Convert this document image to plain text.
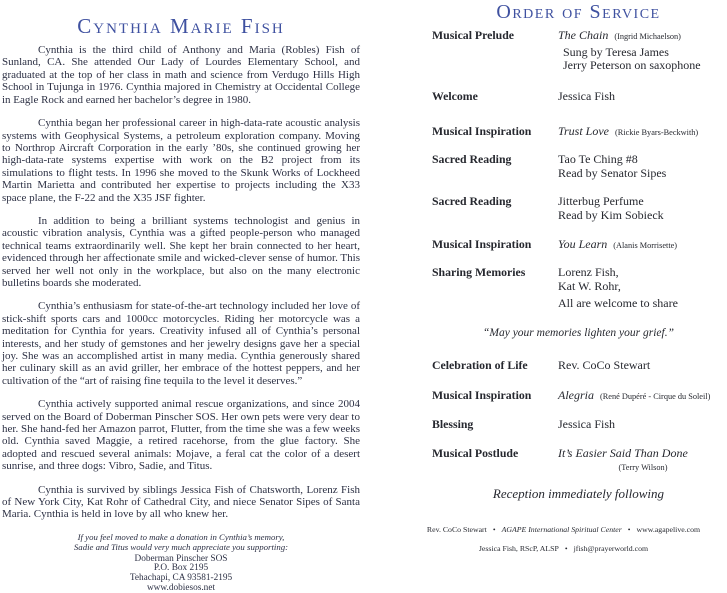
Cynthia Marie Fish

Cynthia is the third child of Anthony and Maria (Robles) Fish of Sunland, CA. She attended Our Lady of Lourdes Elementary School, and graduated at the top of her class in math and science from Verdugo Hills High School in Tujunga in 1976. Cynthia majored in Chemistry at Occidental College in Eagle Rock and earned her bachelor’s degree in 1980.

Cynthia began her professional career in high-data-rate acoustic analysis systems with Geophysical Systems, a petroleum exploration company. Moving to Northrop Aircraft Corporation in the early ’80s, she continued growing her high-data-rate systems expertise with work on the B2 project from its simulations to flight tests. In 1996 she moved to the Skunk Works of Lockheed Martin Marietta and contributed her expertise to projects including the X33 space plane, the F-22 and the X35 JSF fighter.

In addition to being a brilliant systems technologist and genius in acoustic vibration analysis, Cynthia was a gifted people-person who managed technical teams extraordinarily well. She kept her brain connected to her heart, evidenced through her affectionate smile and wicked-clever sense of humor. This served her well not only in the workplace, but also on the many electronic bulletins boards she moderated.

Cynthia’s enthusiasm for state-of-the-art technology included her love of stick-shift sports cars and 1000cc motorcycles. Riding her motorcycle was a meditation for Cynthia for years. Creativity infused all of Cynthia’s personal interests, and her study of gemstones and her jewelry designs gave her a special joy. She was an accomplished artist in many media. Cynthia generously shared her culinary skill as an avid griller, her embrace of the hottest peppers, and her cultivation of the “art of raising fine tequila to the level it deserves.”

Cynthia actively supported animal rescue organizations, and since 2004 served on the Board of Doberman Pinscher SOS. Her own pets were very dear to her. She hand-fed her Amazon parrot, Flutter, from the time she was a few weeks old. Cynthia saved Maggie, a retired racehorse, from the glue factory. She adopted and rescued several animals: Mojave, a feral cat the color of a desert sunrise, and three dogs: Vibro, Sadie, and Titus.

Cynthia is survived by siblings Jessica Fish of Chatsworth, Lorenz Fish of New York City, Kat Rohr of Cathedral City, and niece Senator Sipes of Santa Maria. Cynthia is held in love by all who knew her.

If you feel moved to make a donation in Cynthia’s memory,
Sadie and Titus would very much appreciate you supporting:
Doberman Pinscher SOS
P.O. Box 2195
Tehachapi, CA 93581-2195
www.dobiesos.net
Order of Service
Musical Prelude	The Chain (Ingrid Michaelson)
Sung by Teresa James
Jerry Peterson on saxophone
Welcome	Jessica Fish
Musical Inspiration	Trust Love (Rickie Byars-Beckwith)
Sacred Reading	Tao Te Ching #8
Read by Senator Sipes
Sacred Reading	Jitterbug Perfume
Read by Kim Sobieck
Musical Inspiration	You Learn (Alanis Morrisette)
Sharing Memories	Lorenz Fish,
Kat W. Rohr,
All are welcome to share
“May your memories lighten your grief.”
Celebration of Life	Rev. CoCo Stewart
Musical Inspiration	Alegria (René Dupéré - Cirque du Soleil)
Blessing	Jessica Fish
Musical Postlude	It’s Easier Said Than Done
(Terry Wilson)
Reception immediately following
Rev. CoCo Stewart • AGAPE International Spiritual Center • www.agapelive.com
Jessica Fish, RScP, ALSP • jfish@prayerworld.com
